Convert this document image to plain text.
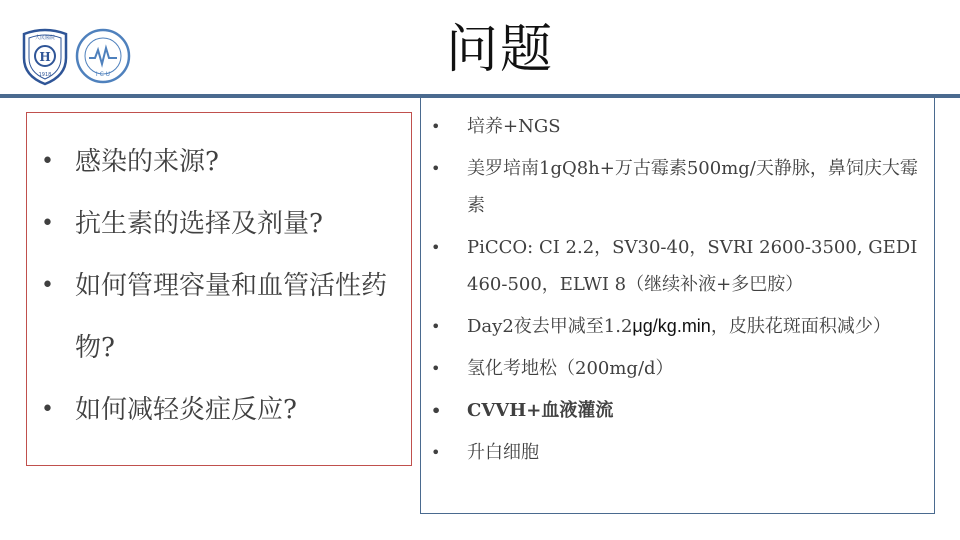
人民醫院
H
1918	I C U	问题
• 感染的来源?
• 抗生素的选择及剂量?
• 如何管理容量和血管活性药物?
• 如何减轻炎症反应?
• 培养+NGS
• 美罗培南1gQ8h+万古霉素500mg/天静脉，鼻饲庆大霉素
• PiCCO: CI 2.2，SV30-40，SVRI 2600-3500, GEDI 460-500，ELWI 8（继续补液+多巴胺）
• Day2夜去甲减至1.2μg/kg.min，皮肤花斑面积减少）
• 氢化考地松（200mg/d）
• CVVH+血液灌流
• 升白细胞
